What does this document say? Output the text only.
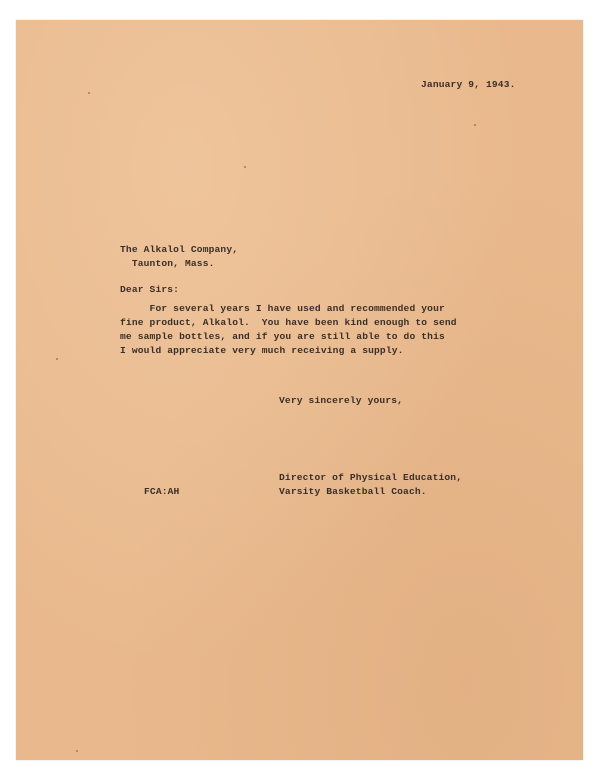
January 9, 1943.
The Alkalol Company,
Taunton, Mass.
Dear Sirs:
For several years I have used and recommended your
fine product, Alkalol.  You have been kind enough to send
me sample bottles, and if you are still able to do this
I would appreciate very much receiving a supply.
Very sincerely yours,
Director of Physical Education,
Varsity Basketball Coach.
FCA:AH
